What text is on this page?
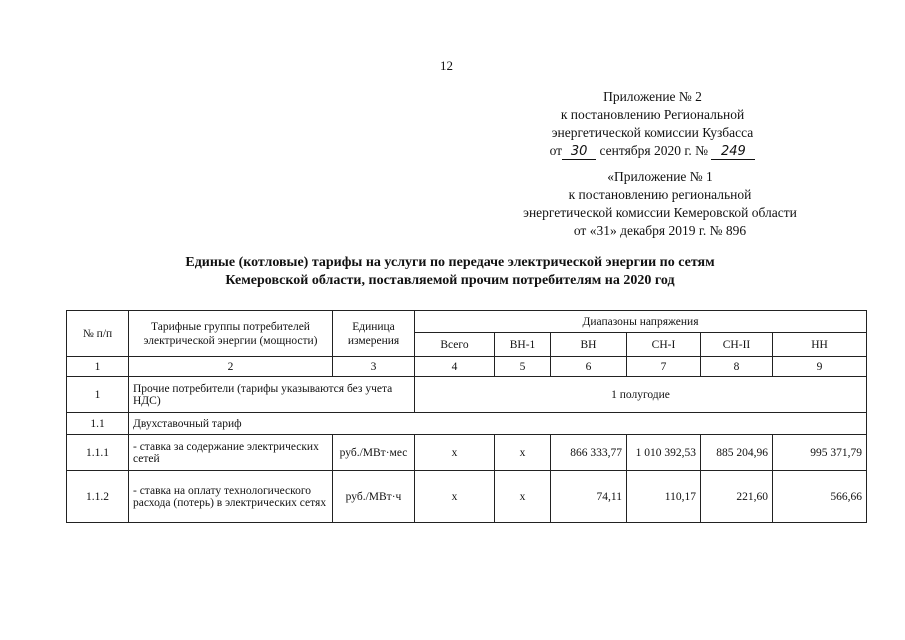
12
Приложение № 2
к постановлению Региональной
энергетической комиссии Кузбасса
от 30 сентября 2020 г. № 249
«Приложение № 1
к постановлению региональной
энергетической комиссии Кемеровской области
от «31» декабря 2019 г. № 896
Единые (котловые) тарифы на услуги по передаче электрической энергии по сетям
Кемеровской области, поставляемой прочим потребителям на 2020 год
№ п/п	Тарифные группы потребителей электрической энергии (мощности)	Единица измерения	Диапазоны напряжения					
			Всего	ВН-1	ВН	СН-I	СН-II	НН
1	2	3	4	5	6	7	8	9
1	Прочие потребители (тарифы указываются без учета НДС)		1 полугодие					
1.1	Двухставочный тариф							
1.1.1	- ставка за содержание электрических сетей	руб./МВт·мес	х	х	866 333,77	1 010 392,53	885 204,96	995 371,79
1.1.2	- ставка на оплату технологического расхода (потерь) в электрических сетях	руб./МВт·ч	х	х	74,11	110,17	221,60	566,66
